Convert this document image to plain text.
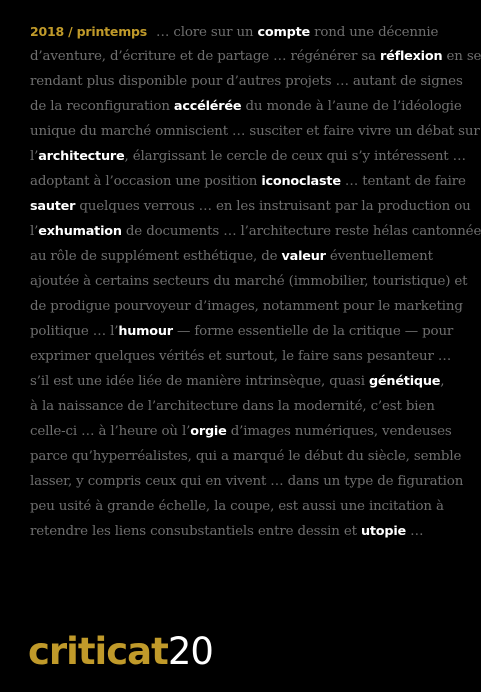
2018 / printemps … clore sur un compte rond une décennie
d’aventure, d’écriture et de partage … régénérer sa réflexion en se
rendant plus disponible pour d’autres projets … autant de signes
de la reconfiguration accélérée du monde à l’aune de l’idéologie
unique du marché omniscient … susciter et faire vivre un débat sur
l’architecture, élargissant le cercle de ceux qui s’y intéressent …
adoptant à l’occasion une position iconoclaste … tentant de faire
sauter quelques verrous … en les instruisant par la production ou
l’exhumation de documents … l’architecture reste hélas cantonnée
au rôle de supplément esthétique, de valeur éventuellement
ajoutée à certains secteurs du marché (immobilier, touristique) et
de prodigue pourvoyeur d’images, notamment pour le marketing
politique … l’humour — forme essentielle de la critique — pour
exprimer quelques vérités et surtout, le faire sans pesanteur …
s’il est une idée liée de manière intrinsèque, quasi génétique,
à la naissance de l’architecture dans la modernité, c’est bien
celle-ci … à l’heure où l’orgie d’images numériques, vendeuses
parce qu’hyperréalistes, qui a marqué le début du siècle, semble
lasser, y compris ceux qui en vivent … dans un type de figuration
peu usité à grande échelle, la coupe, est aussi une incitation à
retendre les liens consubstantiels entre dessin et utopie …

criticat20
